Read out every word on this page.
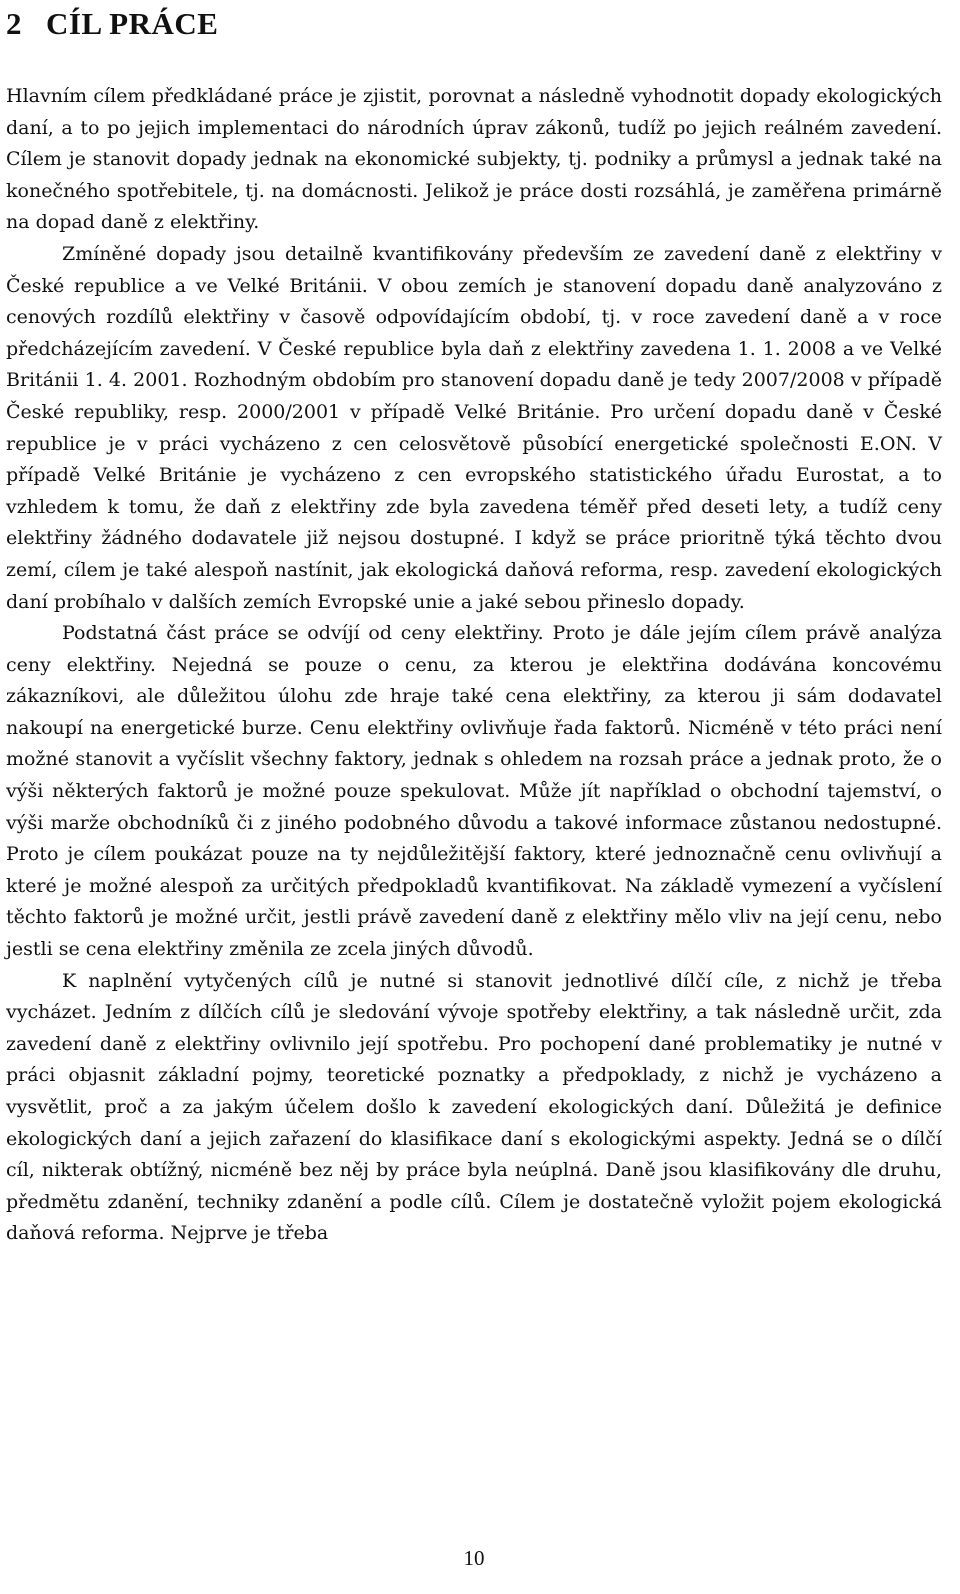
2 CÍL PRÁCE

Hlavním cílem předkládané práce je zjistit, porovnat a následně vyhodnotit dopady ekologických daní, a to po jejich implementaci do národních úprav zákonů, tudíž po jejich reálném zavedení. Cílem je stanovit dopady jednak na ekonomické subjekty, tj. podniky a průmysl a jednak také na konečného spotřebitele, tj. na domácnosti. Jelikož je práce dosti rozsáhlá, je zaměřena primárně na dopad daně z elektřiny.

Zmíněné dopady jsou detailně kvantifikovány především ze zavedení daně z elektřiny v České republice a ve Velké Británii. V obou zemích je stanovení dopadu daně analyzováno z cenových rozdílů elektřiny v časově odpovídajícím období, tj. v roce zavedení daně a v roce předcházejícím zavedení. V České republice byla daň z elektřiny zavedena 1. 1. 2008 a ve Velké Británii 1. 4. 2001. Rozhodným obdobím pro stanovení dopadu daně je tedy 2007/2008 v případě České republiky, resp. 2000/2001 v případě Velké Británie. Pro určení dopadu daně v České republice je v práci vycházeno z cen celosvětově působící energetické společnosti E.ON. V případě Velké Británie je vycházeno z cen evropského statistického úřadu Eurostat, a to vzhledem k tomu, že daň z elektřiny zde byla zavedena téměř před deseti lety, a tudíž ceny elektřiny žádného dodavatele již nejsou dostupné. I když se práce prioritně týká těchto dvou zemí, cílem je také alespoň nastínit, jak ekologická daňová reforma, resp. zavedení ekologických daní probíhalo v dalších zemích Evropské unie a jaké sebou přineslo dopady.

Podstatná část práce se odvíjí od ceny elektřiny. Proto je dále jejím cílem právě analýza ceny elektřiny. Nejedná se pouze o cenu, za kterou je elektřina dodávána koncovému zákazníkovi, ale důležitou úlohu zde hraje také cena elektřiny, za kterou ji sám dodavatel nakoupí na energetické burze. Cenu elektřiny ovlivňuje řada faktorů. Nicméně v této práci není možné stanovit a vyčíslit všechny faktory, jednak s ohledem na rozsah práce a jednak proto, že o výši některých faktorů je možné pouze spekulovat. Může jít například o obchodní tajemství, o výši marže obchodníků či z jiného podobného důvodu a takové informace zůstanou nedostupné. Proto je cílem poukázat pouze na ty nejdůležitější faktory, které jednoznačně cenu ovlivňují a které je možné alespoň za určitých předpokladů kvantifikovat. Na základě vymezení a vyčíslení těchto faktorů je možné určit, jestli právě zavedení daně z elektřiny mělo vliv na její cenu, nebo jestli se cena elektřiny změnila ze zcela jiných důvodů.

K naplnění vytyčených cílů je nutné si stanovit jednotlivé dílčí cíle, z nichž je třeba vycházet. Jedním z dílčích cílů je sledování vývoje spotřeby elektřiny, a tak následně určit, zda zavedení daně z elektřiny ovlivnilo její spotřebu. Pro pochopení dané problematiky je nutné v práci objasnit základní pojmy, teoretické poznatky a předpoklady, z nichž je vycházeno a vysvětlit, proč a za jakým účelem došlo k zavedení ekologických daní. Důležitá je definice ekologických daní a jejich zařazení do klasifikace daní s ekologickými aspekty. Jedná se o dílčí cíl, nikterak obtížný, nicméně bez něj by práce byla neúplná. Daně jsou klasifikovány dle druhu, předmětu zdanění, techniky zdanění a podle cílů. Cílem je dostatečně vyložit pojem ekologická daňová reforma. Nejprve je třeba

10
